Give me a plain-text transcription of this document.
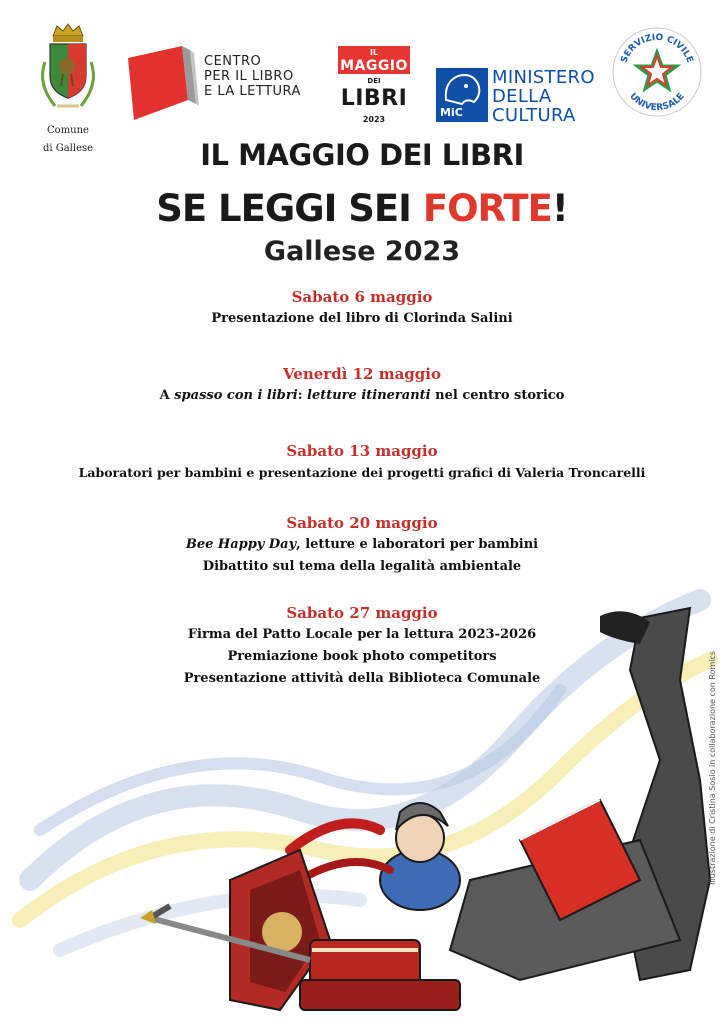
Comune
di Gallese
CENTRO
PER IL LIBRO
E LA LETTURA
IL
MAGGIO
DEI
LIBRI
2023
MiC
MINISTERO
DELLA
CULTURA
SERVIZIO CIVILE
UNIVERSALE
IL MAGGIO DEI LIBRI
SE LEGGI SEI FORTE!
Gallese 2023
Illustrazione di Cristina Sosio in collaborazione con Romics
Sabato 6 maggio
Presentazione del libro di Clorinda Salini
Venerdì 12 maggio
A spasso con i libri: letture itineranti nel centro storico
Sabato 13 maggio
Laboratori per bambini e presentazione dei progetti grafici di Valeria Troncarelli
Sabato 20 maggio
Bee Happy Day, letture e laboratori per bambini
Dibattito sul tema della legalità ambientale
Sabato 27 maggio
Firma del Patto Locale per la lettura 2023-2026
Premiazione book photo competitors
Presentazione attività della Biblioteca Comunale
